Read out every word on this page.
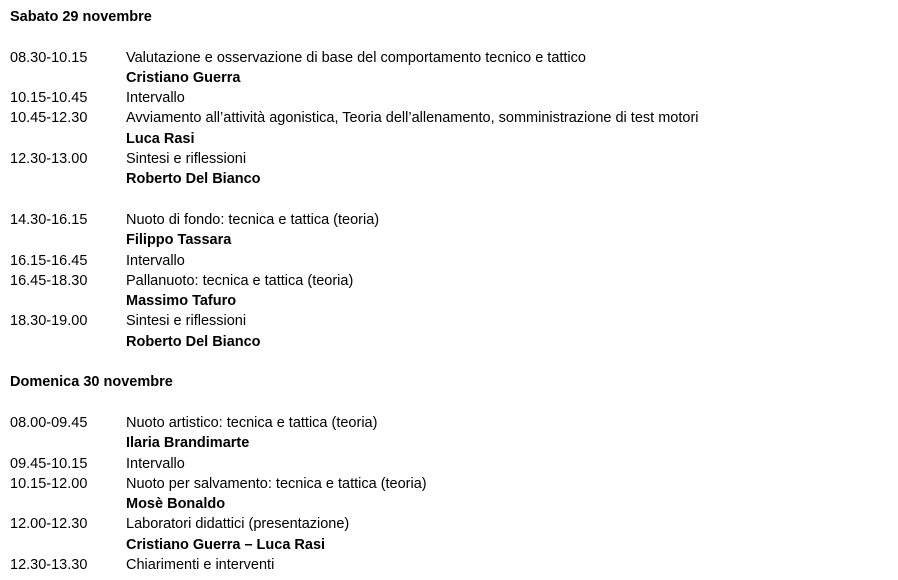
Sabato 29 novembre
08.30-10.15	Valutazione e osservazione di base del comportamento tecnico e tattico
Cristiano Guerra
10.15-10.45	Intervallo
10.45-12.30	Avviamento all’attività agonistica, Teoria dell’allenamento, somministrazione di test motori
Luca Rasi
12.30-13.00	Sintesi e riflessioni
Roberto Del Bianco
14.30-16.15	Nuoto di fondo: tecnica e tattica (teoria)
Filippo Tassara
16.15-16.45	Intervallo
16.45-18.30	Pallanuoto: tecnica e tattica (teoria)
Massimo Tafuro
18.30-19.00	Sintesi e riflessioni
Roberto Del Bianco
Domenica 30 novembre
08.00-09.45	Nuoto artistico: tecnica e tattica (teoria)
Ilaria Brandimarte
09.45-10.15	Intervallo
10.15-12.00	Nuoto per salvamento: tecnica e tattica (teoria)
Mosè Bonaldo
12.00-12.30	Laboratori didattici (presentazione)
Cristiano Guerra – Luca Rasi
12.30-13.30	Chiarimenti e interventi
